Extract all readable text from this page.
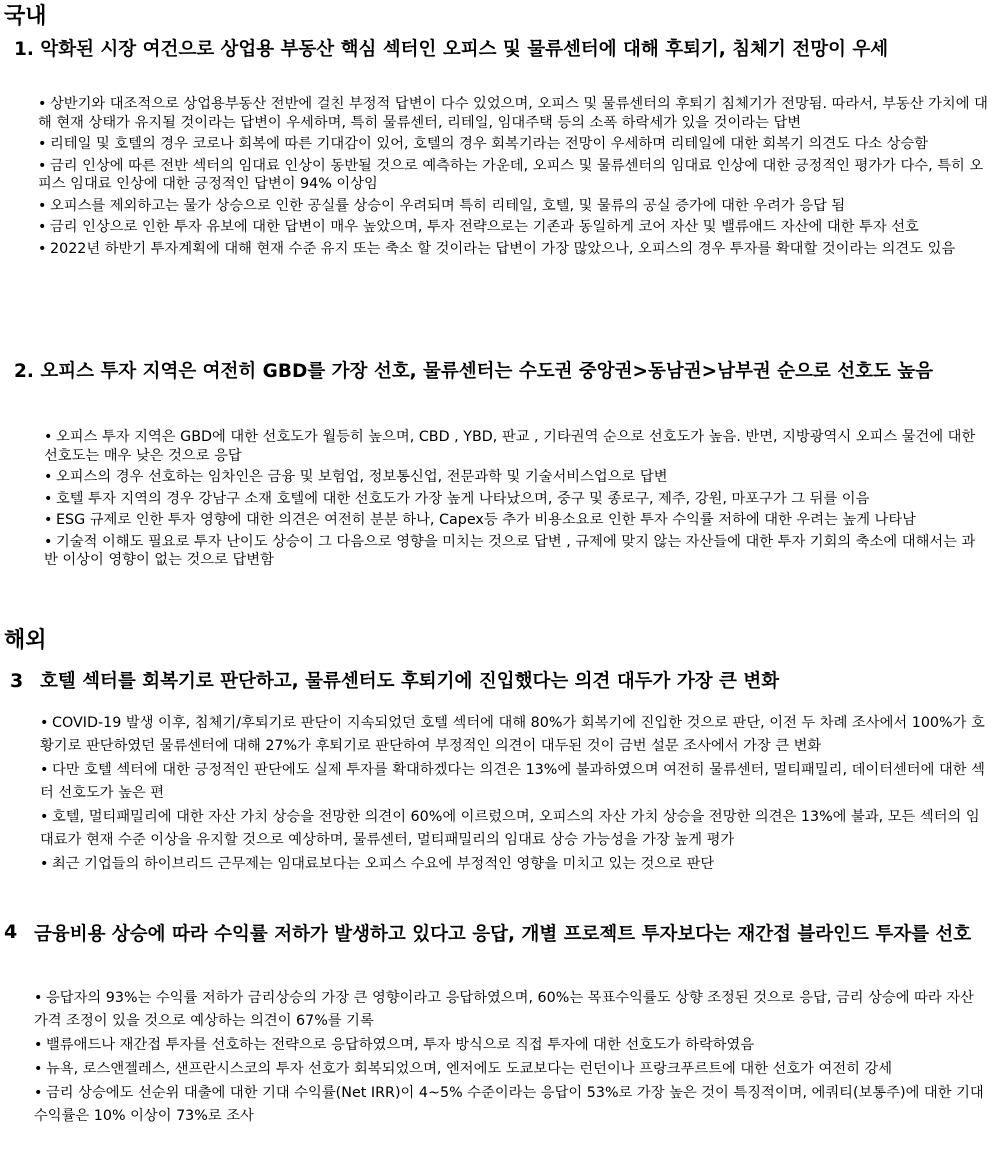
국내
1. 악화된 시장 여건으로 상업용 부동산 핵심 섹터인 오피스 및 물류센터에 대해 후퇴기, 침체기 전망이 우세
• 상반기와 대조적으로 상업용부동산 전반에 걸친 부정적 답변이 다수 있었으며, 오피스 및 물류센터의 후퇴기 침체기가 전망됨. 따라서, 부동산 가치에 대해 현재 상태가 유지될 것이라는 답변이 우세하며, 특히 물류센터, 리테일, 임대주택 등의 소폭 하락세가 있을 것이라는 답변
• 리테일 및 호텔의 경우 코로나 회복에 따른 기대감이 있어, 호텔의 경우 회복기라는 전망이 우세하며 리테일에 대한 회복기 의견도 다소 상승함
• 금리 인상에 따른 전반 섹터의 임대료 인상이 동반될 것으로 예측하는 가운데, 오피스 및 물류센터의 임대료 인상에 대한 긍정적인 평가가 다수, 특히 오피스 임대료 인상에 대한 긍정적인 답변이 94% 이상임
• 오피스를 제외하고는 물가 상승으로 인한 공실률 상승이 우려되며 특히 리테일, 호텔, 및 물류의 공실 증가에 대한 우려가 응답 됨
• 금리 인상으로 인한 투자 유보에 대한 답변이 매우 높았으며, 투자 전략으로는 기존과 동일하게 코어 자산 및 밸류애드 자산에 대한 투자 선호
• 2022년 하반기 투자계획에 대해 현재 수준 유지 또는 축소 할 것이라는 답변이 가장 많았으나, 오피스의 경우 투자를 확대할 것이라는 의견도 있음
2. 오피스 투자 지역은 여전히 GBD를 가장 선호, 물류센터는 수도권 중앙권>동남권>남부권 순으로 선호도 높음
• 오피스 투자 지역은 GBD에 대한 선호도가 월등히 높으며, CBD , YBD, 판교 , 기타권역 순으로 선호도가 높음. 반면, 지방광역시 오피스 물건에 대한 선호도는 매우 낮은 것으로 응답
• 오피스의 경우 선호하는 임차인은 금융 및 보험업, 정보통신업, 전문과학 및 기술서비스업으로 답변
• 호텔 투자 지역의 경우 강남구 소재 호텔에 대한 선호도가 가장 높게 나타났으며, 중구 및 종로구, 제주, 강원, 마포구가 그 뒤를 이음
• ESG 규제로 인한 투자 영향에 대한 의견은 여전히 분분 하나, Capex등 추가 비용소요로 인한 투자 수익률 저하에 대한 우려는 높게 나타남
• 기술적 이해도 필요로 투자 난이도 상승이 그 다음으로 영향을 미치는 것으로 답변 , 규제에 맞지 않는 자산들에 대한 투자 기회의 축소에 대해서는 과반 이상이 영향이 없는 것으로 답변함
해외
3 호텔 섹터를 회복기로 판단하고, 물류센터도 후퇴기에 진입했다는 의견 대두가 가장 큰 변화
• COVID-19 발생 이후, 침체기/후퇴기로 판단이 지속되었던 호텔 섹터에 대해 80%가 회복기에 진입한 것으로 판단, 이전 두 차례 조사에서 100%가 호황기로 판단하였던 물류센터에 대해 27%가 후퇴기로 판단하여 부정적인 의견이 대두된 것이 금번 설문 조사에서 가장 큰 변화
• 다만 호텔 섹터에 대한 긍정적인 판단에도 실제 투자를 확대하겠다는 의견은 13%에 불과하였으며 여전히 물류센터, 멀티패밀리, 데이터센터에 대한 섹터 선호도가 높은 편
• 호텔, 멀티패밀리에 대한 자산 가치 상승을 전망한 의견이 60%에 이르렀으며, 오피스의 자산 가치 상승을 전망한 의견은 13%에 불과, 모든 섹터의 임대료가 현재 수준 이상을 유지할 것으로 예상하며, 물류센터, 멀티패밀리의 임대료 상승 가능성을 가장 높게 평가
• 최근 기업들의 하이브리드 근무제는 임대료보다는 오피스 수요에 부정적인 영향을 미치고 있는 것으로 판단
4 금융비용 상승에 따라 수익률 저하가 발생하고 있다고 응답, 개별 프로젝트 투자보다는 재간접 블라인드 투자를 선호
• 응답자의 93%는 수익률 저하가 금리상승의 가장 큰 영향이라고 응답하였으며, 60%는 목표수익률도 상향 조정된 것으로 응답, 금리 상승에 따라 자산 가격 조정이 있을 것으로 예상하는 의견이 67%를 기록
• 밸류애드나 재간접 투자를 선호하는 전략으로 응답하였으며, 투자 방식으로 직접 투자에 대한 선호도가 하락하였음
• 뉴욕, 로스앤젤레스, 샌프란시스코의 투자 선호가 회복되었으며, 엔저에도 도쿄보다는 런던이나 프랑크푸르트에 대한 선호가 여전히 강세
• 금리 상승에도 선순위 대출에 대한 기대 수익률(Net IRR)이 4~5% 수준이라는 응답이 53%로 가장 높은 것이 특징적이며, 에쿼티(보통주)에 대한 기대 수익률은 10% 이상이 73%로 조사
